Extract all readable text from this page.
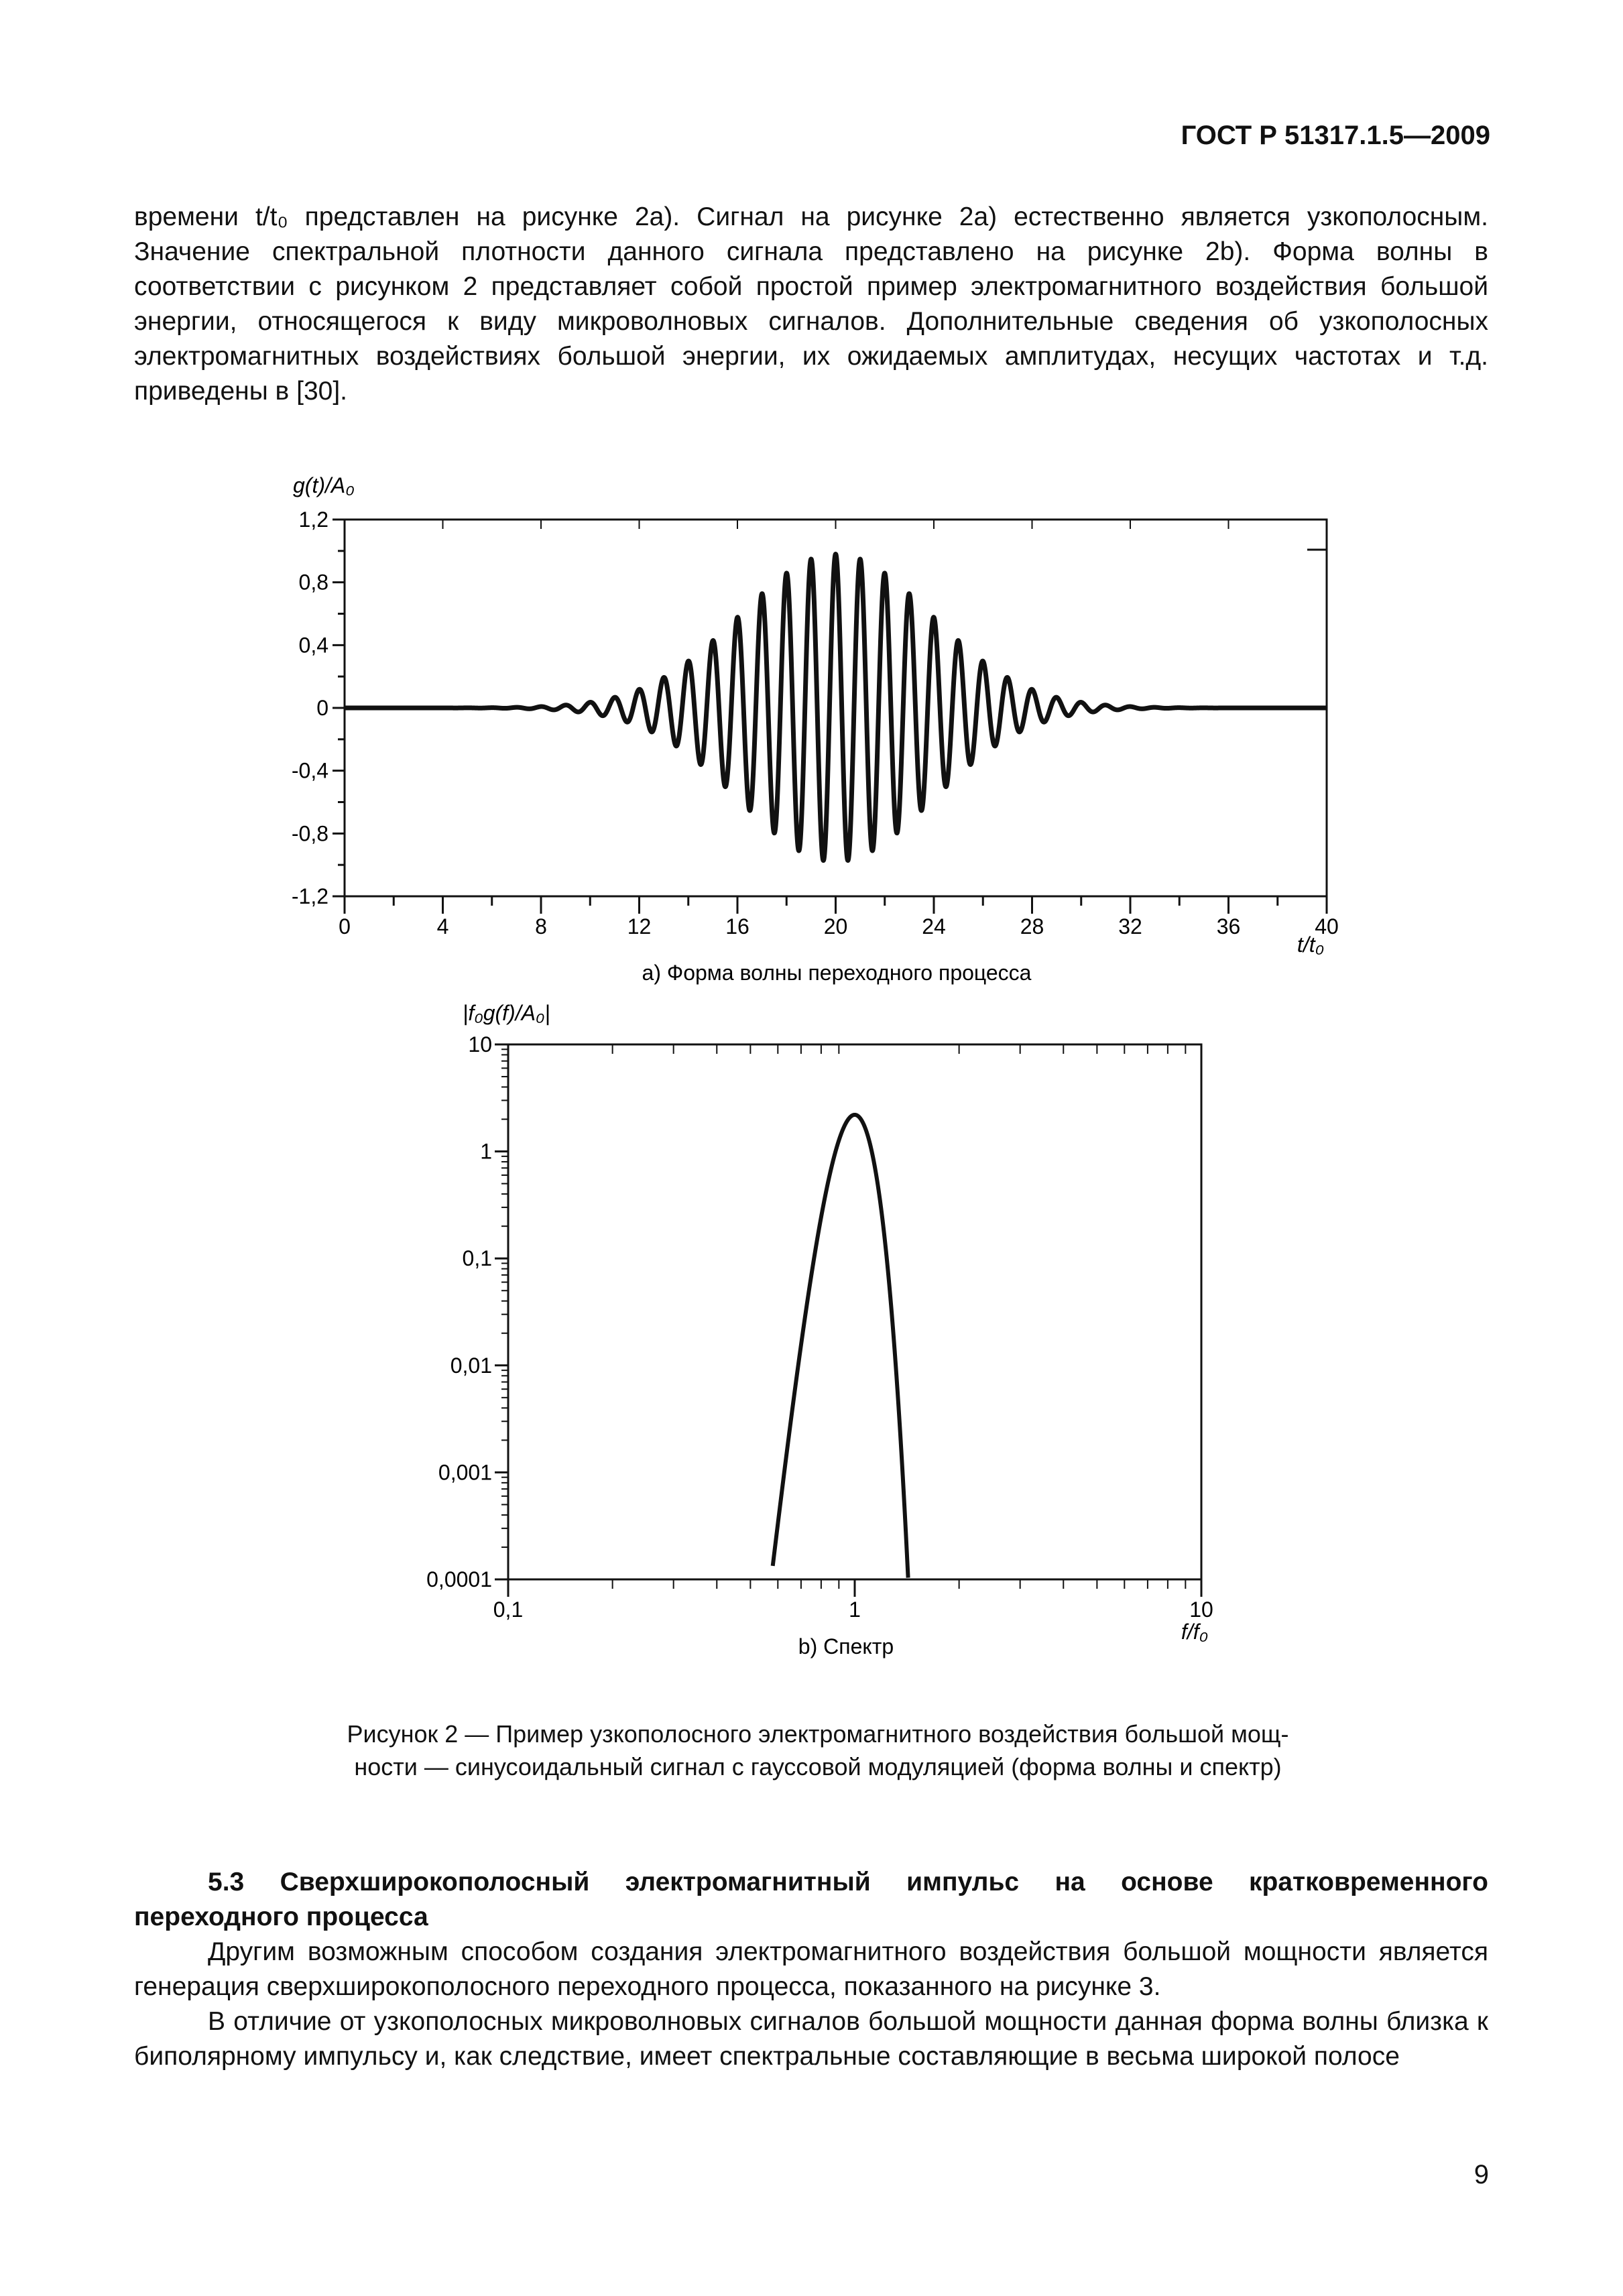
ГОСТ Р 51317.1.5—2009
времени t/t₀ представлен на рисунке 2а). Сигнал на рисунке 2а) естественно является узкополосным. Значение спектральной плотности данного сигнала представлено на рисунке 2b). Форма волны в соответствии с рисунком 2 представляет собой простой пример электромагнитного воздействия большой энергии, относящегося к виду микроволновых сигналов. Дополнительные сведения об узкополосных электромагнитных воздействиях большой энергии, их ожидаемых амплитудах, несущих частотах и т.д. приведены в [30].
g(t)/A₀
1,2
0,8
0,4
0
-0,4
-0,8
-1,2
0	4	8	12	16	20	24	28	32	36	40
t/t₀
a) Форма волны переходного процесса
|f₀g(f)/A₀|
10
1
0,1
0,01
0,001
0,0001
0,1	1	10
f/f₀
b) Спектр
Рисунок 2 — Пример узкополосного электромагнитного воздействия большой мощ-
ности — синусоидальный сигнал с гауссовой модуляцией (форма волны и спектр)
5.3 Сверхширокополосный электромагнитный импульс на основе кратковременного переходного процесса
Другим возможным способом создания электромагнитного воздействия большой мощности является генерация сверхширокополосного переходного процесса, показанного на рисунке 3.
В отличие от узкополосных микроволновых сигналов большой мощности данная форма волны близка к биполярному импульсу и, как следствие, имеет спектральные составляющие в весьма широкой полосе
9
